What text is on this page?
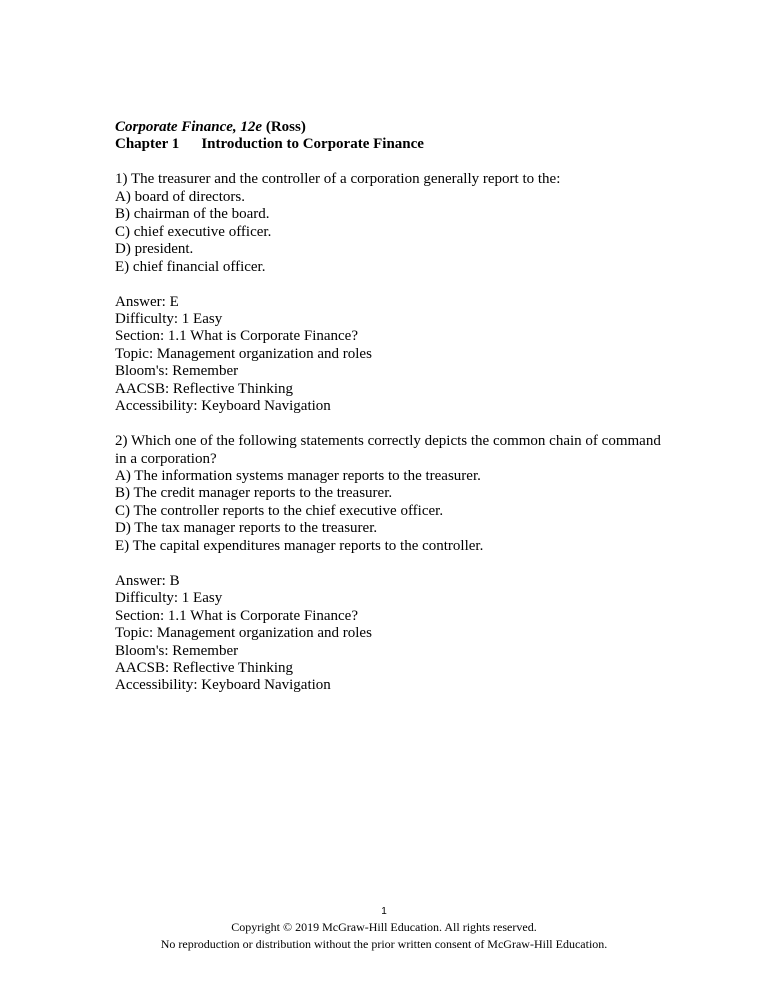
Corporate Finance, 12e (Ross)
Chapter 1 Introduction to Corporate Finance
1) The treasurer and the controller of a corporation generally report to the:
A) board of directors.
B) chairman of the board.
C) chief executive officer.
D) president.
E) chief financial officer.
Answer: E
Difficulty: 1 Easy
Section: 1.1 What is Corporate Finance?
Topic: Management organization and roles
Bloom's: Remember
AACSB: Reflective Thinking
Accessibility: Keyboard Navigation
2) Which one of the following statements correctly depicts the common chain of command in a corporation?
A) The information systems manager reports to the treasurer.
B) The credit manager reports to the treasurer.
C) The controller reports to the chief executive officer.
D) The tax manager reports to the treasurer.
E) The capital expenditures manager reports to the controller.
Answer: B
Difficulty: 1 Easy
Section: 1.1 What is Corporate Finance?
Topic: Management organization and roles
Bloom's: Remember
AACSB: Reflective Thinking
Accessibility: Keyboard Navigation
1
Copyright © 2019 McGraw-Hill Education. All rights reserved.
No reproduction or distribution without the prior written consent of McGraw-Hill Education.
